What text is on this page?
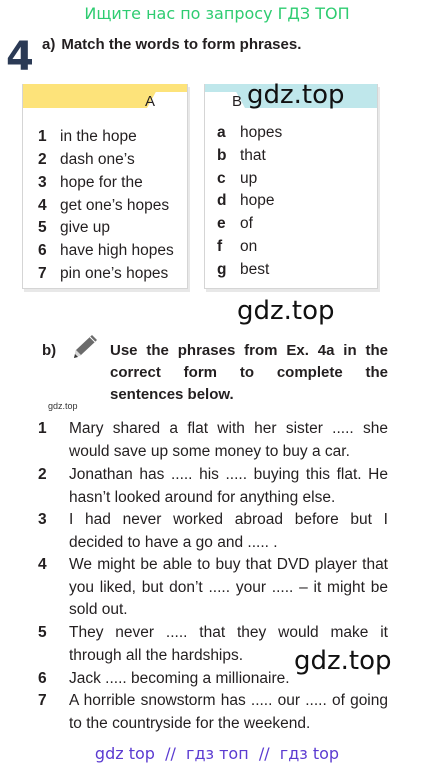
Ищите нас по запросу ГДЗ ТОП
4 a) Match the words to form phrases.
A	B
1 in the hope
2 dash one’s
3 hope for the
4 get one’s hopes
5 give up
6 have high hopes
7 pin one’s hopes
a hopes
b that
c up
d hope
e of
f on
g best
gdz.top
gdz.top
gdz.top
gdz.top
b)	Use the phrases from Ex. 4a in the correct form to complete the sentences below.
1 Mary shared a flat with her sister ..... she would save up some money to buy a car.
2 Jonathan has ..... his ..... buying this flat. He hasn’t looked around for anything else.
3 I had never worked abroad before but I decided to have a go and ..... .
4 We might be able to buy that DVD player that you liked, but don’t ..... your ..... – it might be sold out.
5 They never ..... that they would make it through all the hardships.
6 Jack ..... becoming a millionaire.
7 A horrible snowstorm has ..... our ..... of going to the countryside for the weekend.
gdz top  //  гдз топ  //  гдз top
